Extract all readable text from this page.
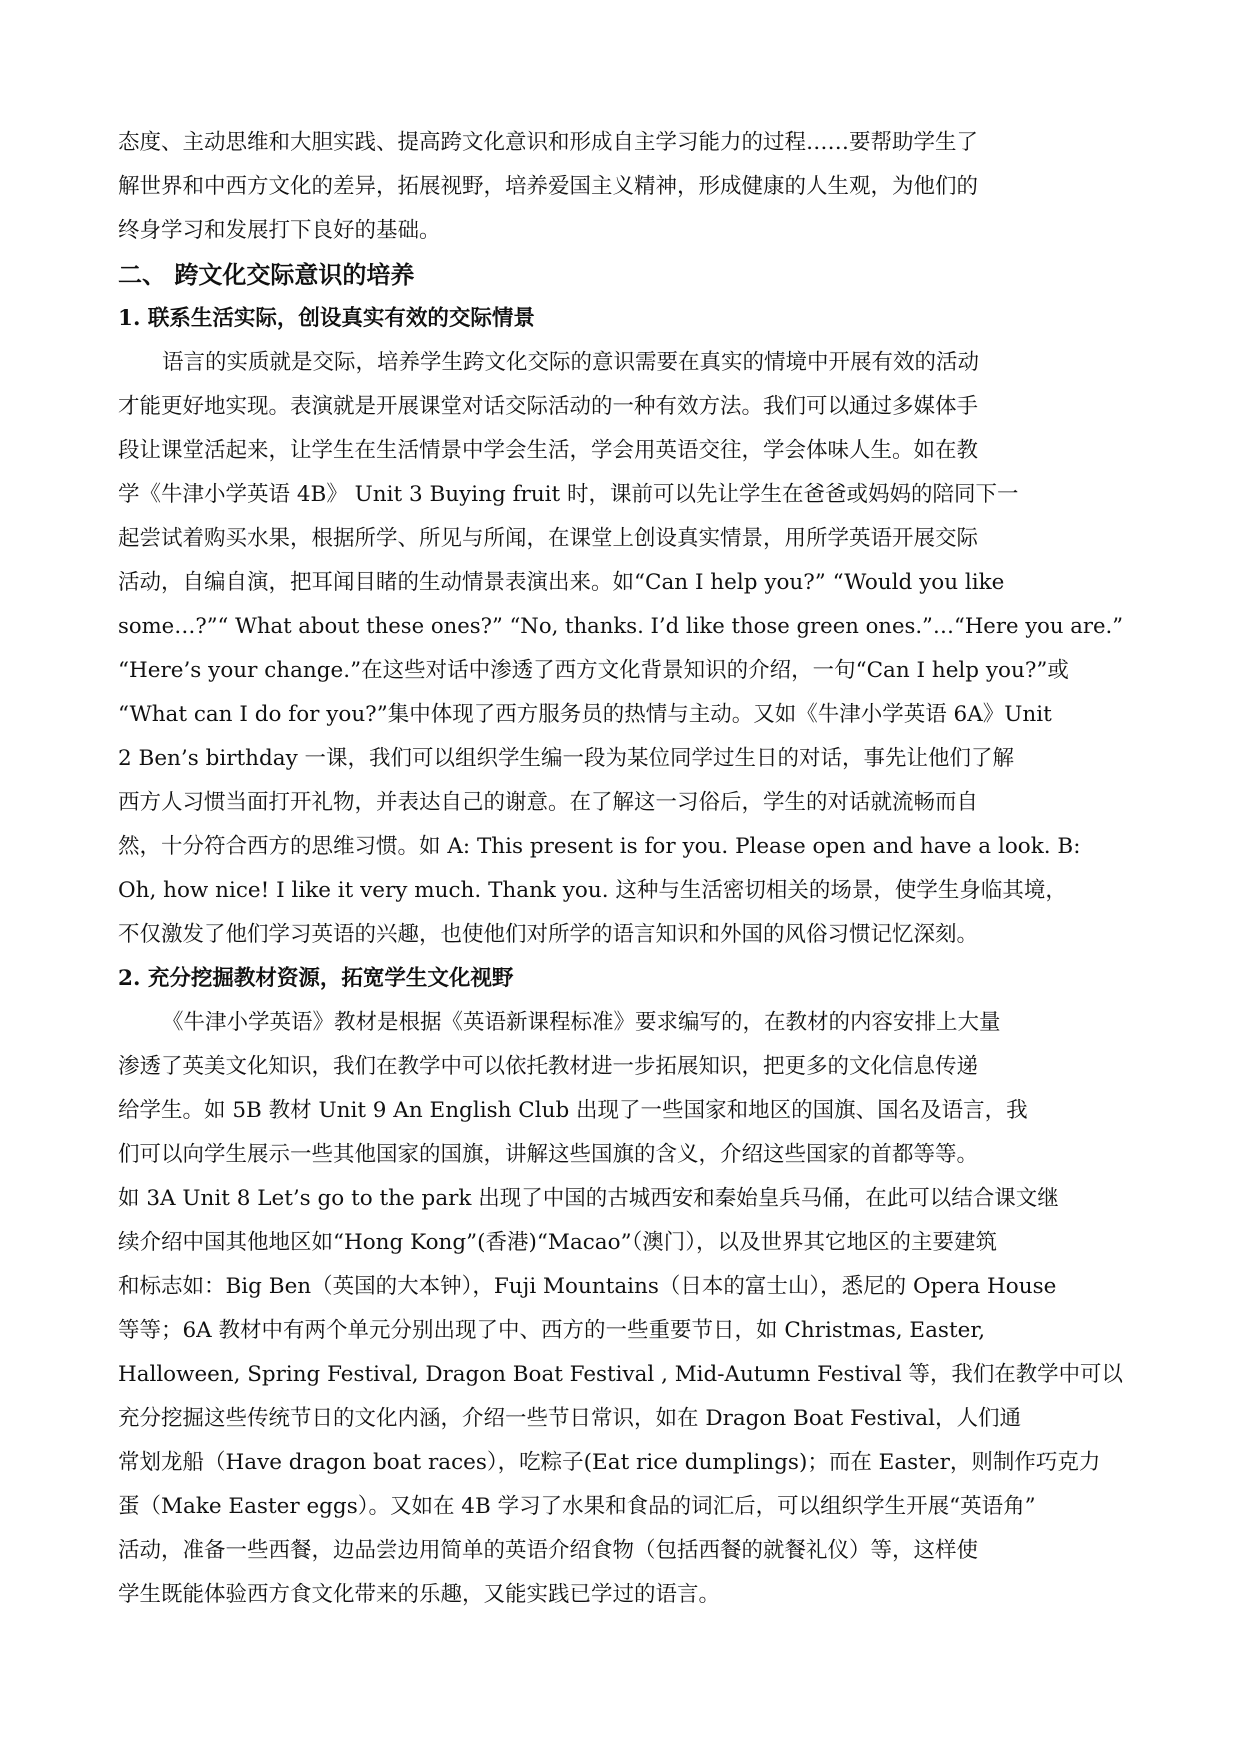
态度、主动思维和大胆实践、提高跨文化意识和形成自主学习能力的过程……要帮助学生了
解世界和中西方文化的差异，拓展视野，培养爱国主义精神，形成健康的人生观，为他们的
终身学习和发展打下良好的基础。
二、 跨文化交际意识的培养
1. 联系生活实际，创设真实有效的交际情景
语言的实质就是交际，培养学生跨文化交际的意识需要在真实的情境中开展有效的活动
才能更好地实现。表演就是开展课堂对话交际活动的一种有效方法。我们可以通过多媒体手
段让课堂活起来，让学生在生活情景中学会生活，学会用英语交往，学会体味人生。如在教
学《牛津小学英语 4B》 Unit 3 Buying fruit 时，课前可以先让学生在爸爸或妈妈的陪同下一
起尝试着购买水果，根据所学、所见与所闻，在课堂上创设真实情景，用所学英语开展交际
活动，自编自演，把耳闻目睹的生动情景表演出来。如“Can I help you?” “Would you like
some…?”“ What about these ones?” “No, thanks. I’d like those green ones.”…“Here you are.”
“Here’s your change.”在这些对话中渗透了西方文化背景知识的介绍，一句“Can I help you?”或
“What can I do for you?”集中体现了西方服务员的热情与主动。又如《牛津小学英语 6A》Unit
2 Ben’s birthday 一课，我们可以组织学生编一段为某位同学过生日的对话，事先让他们了解
西方人习惯当面打开礼物，并表达自己的谢意。在了解这一习俗后，学生的对话就流畅而自
然，十分符合西方的思维习惯。如 A: This present is for you. Please open and have a look. B:
Oh, how nice! I like it very much. Thank you. 这种与生活密切相关的场景，使学生身临其境，
不仅激发了他们学习英语的兴趣，也使他们对所学的语言知识和外国的风俗习惯记忆深刻。
2. 充分挖掘教材资源，拓宽学生文化视野
《牛津小学英语》教材是根据《英语新课程标准》要求编写的，在教材的内容安排上大量
渗透了英美文化知识，我们在教学中可以依托教材进一步拓展知识，把更多的文化信息传递
给学生。如 5B 教材 Unit 9 An English Club 出现了一些国家和地区的国旗、国名及语言，我
们可以向学生展示一些其他国家的国旗，讲解这些国旗的含义，介绍这些国家的首都等等。
如 3A Unit 8 Let’s go to the park 出现了中国的古城西安和秦始皇兵马俑，在此可以结合课文继
续介绍中国其他地区如“Hong Kong”(香港)“Macao”（澳门），以及世界其它地区的主要建筑
和标志如：Big Ben（英国的大本钟），Fuji Mountains（日本的富士山），悉尼的 Opera House
等等；6A 教材中有两个单元分别出现了中、西方的一些重要节日，如 Christmas, Easter,
Halloween, Spring Festival, Dragon Boat Festival , Mid-Autumn Festival 等，我们在教学中可以
充分挖掘这些传统节日的文化内涵，介绍一些节日常识，如在 Dragon Boat Festival，人们通
常划龙船（Have dragon boat races），吃粽子(Eat rice dumplings)；而在 Easter，则制作巧克力
蛋（Make Easter eggs）。又如在 4B 学习了水果和食品的词汇后，可以组织学生开展“英语角”
活动，准备一些西餐，边品尝边用简单的英语介绍食物（包括西餐的就餐礼仪）等，这样使
学生既能体验西方食文化带来的乐趣，又能实践已学过的语言。
